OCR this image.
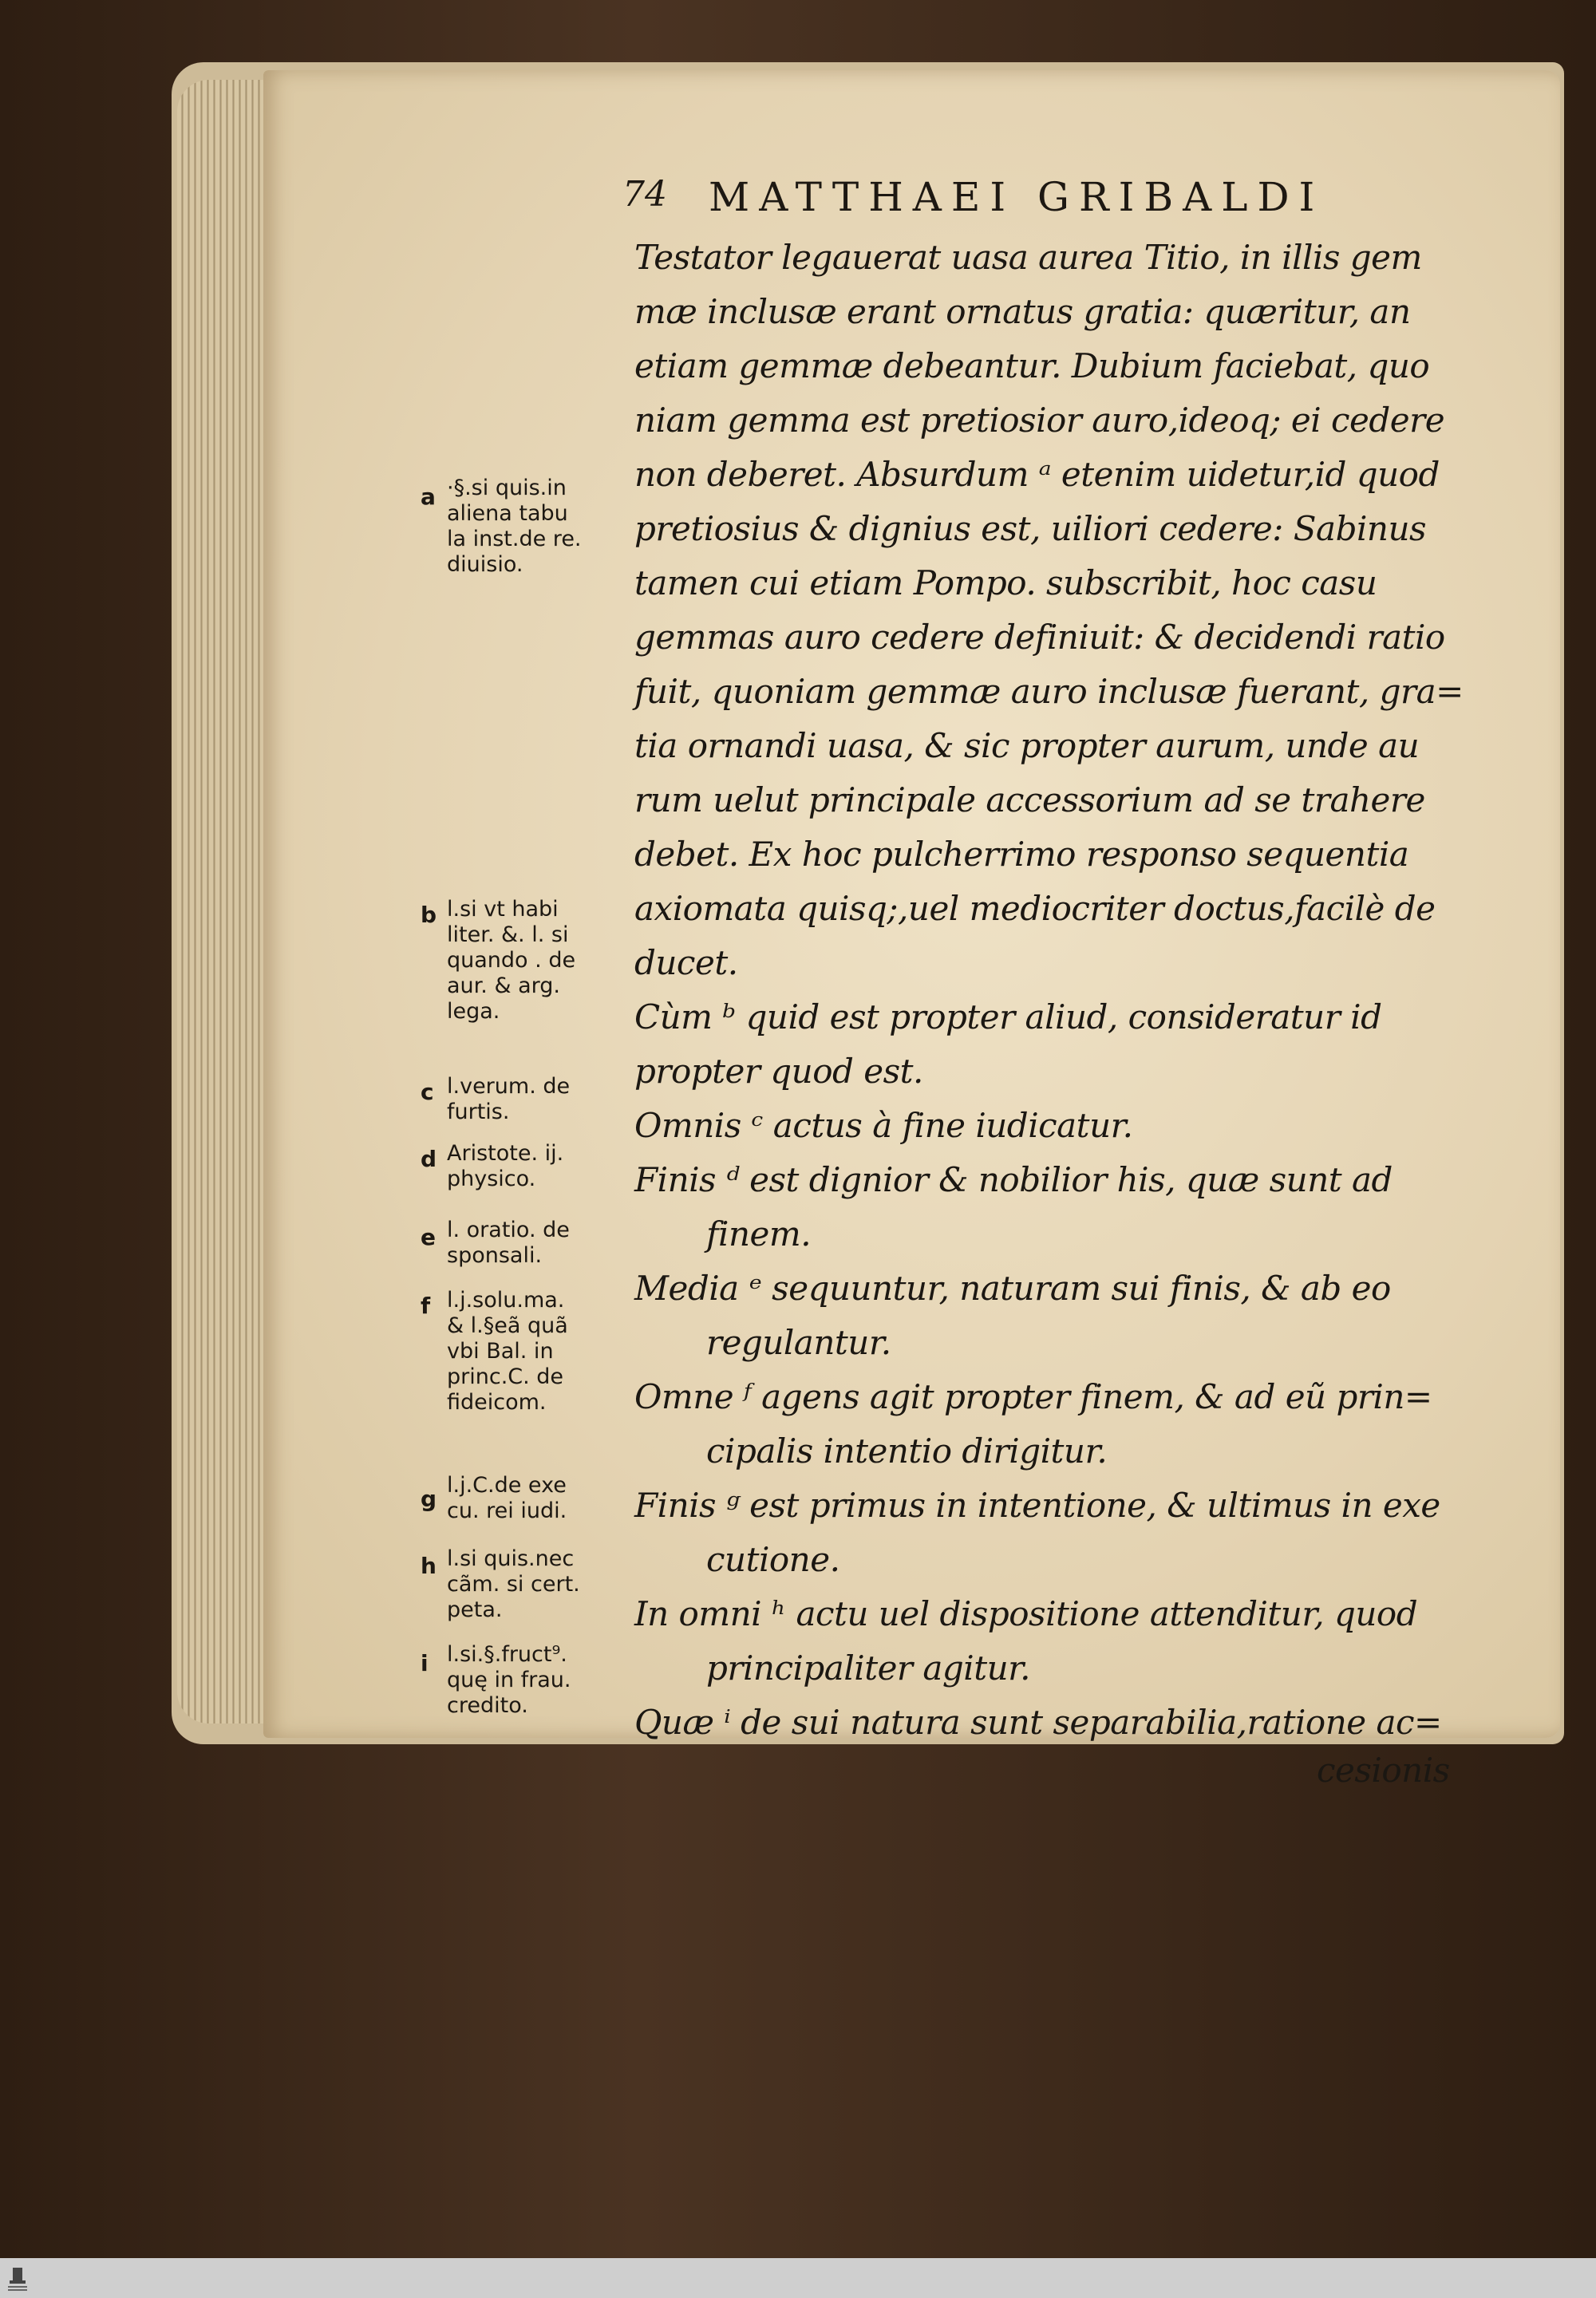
74 MATTHAEI GRIBALDI
Testator legauerat uasa aurea Titio, in illis gem
mæ inclusæ erant ornatus gratia: quæritur, an
etiam gemmæ debeantur. Dubium faciebat, quo
niam gemma est pretiosior auro,ideoq; ei cedere
non deberet. Absurdum ᵃ etenim uidetur,id quod
pretiosius & dignius est, uiliori cedere: Sabinus
tamen cui etiam Pompo. subscribit, hoc casu
gemmas auro cedere definiuit: & decidendi ratio
fuit, quoniam gemmæ auro inclusæ fuerant, gra=
tia ornandi uasa, & sic propter aurum, unde au
rum uelut principale accessorium ad se trahere
debet. Ex hoc pulcherrimo responso sequentia
axiomata quisq;,uel mediocriter doctus,facilè de
ducet.
Cùm ᵇ quid est propter aliud, consideratur id
propter quod est.
Omnis ᶜ actus à fine iudicatur.
Finis ᵈ est dignior & nobilior his, quæ sunt ad
finem.
Media ᵉ sequuntur, naturam sui finis, & ab eo
regulantur.
Omne ᶠ agens agit propter finem, & ad eũ prin=
cipalis intentio dirigitur.
Finis ᵍ est primus in intentione, & ultimus in exe
cutione.
In omni ʰ actu uel dispositione attenditur, quod
principaliter agitur.
Quæ ⁱ de sui natura sunt separabilia,ratione ac=
cesionis
a ·§.si quis.in
aliena tabu
la inst.de re.
diuisio.
b l.si vt habi
liter. &. l. si
quando . de
aur. & arg.
lega.
c l.verum. de
furtis.
d Aristote. ij.
physico.
e l. oratio. de
sponsali.
f l.j.solu.ma.
& l.§eã quã
vbi Bal. in
princ.C. de
fideicom.
g
l.j.C.de exe
cu. rei iudi.
h l.si quis.nec
cãm. si cert.
peta.
i l.si.§.fruct⁹.
quę in frau.
credito.
